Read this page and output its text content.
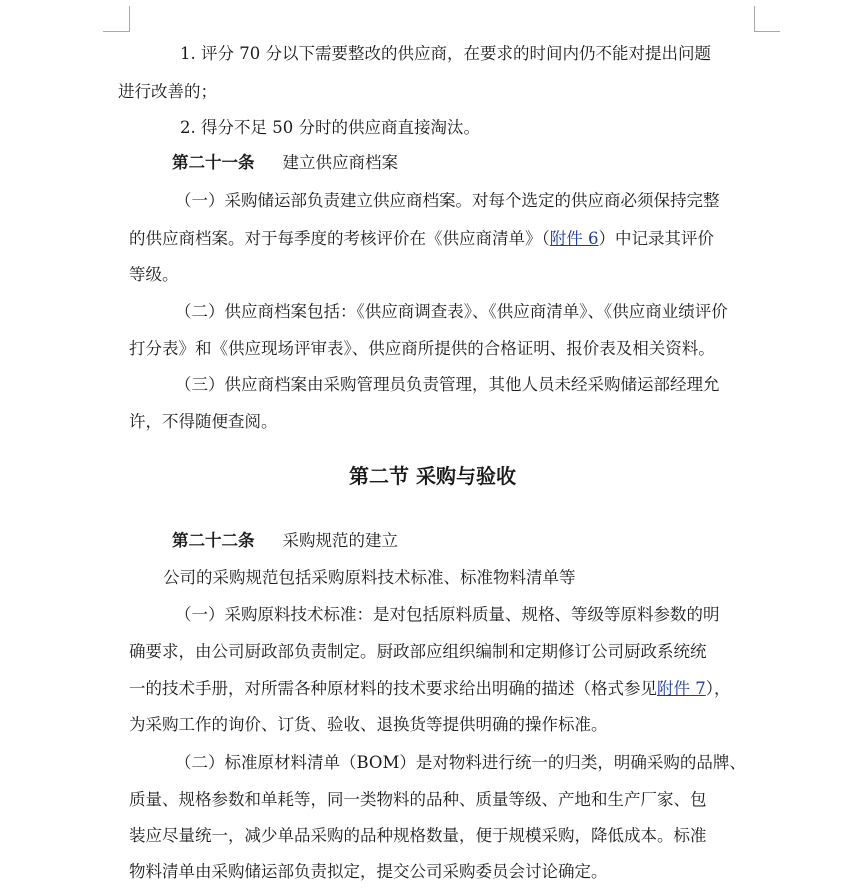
1. 评分 70 分以下需要整改的供应商，在要求的时间内仍不能对提出问题
进行改善的；
2. 得分不足 50 分时的供应商直接淘汰。
第二十一条 建立供应商档案
（一）采购储运部负责建立供应商档案。对每个选定的供应商必须保持完整
的供应商档案。对于每季度的考核评价在《供应商清单》（附件 6）中记录其评价
等级。
（二）供应商档案包括：《供应商调查表》、《供应商清单》、《供应商业绩评价
打分表》和《供应现场评审表》、供应商所提供的合格证明、报价表及相关资料。
（三）供应商档案由采购管理员负责管理，其他人员未经采购储运部经理允
许，不得随便查阅。
第二节 采购与验收
第二十二条 采购规范的建立
公司的采购规范包括采购原料技术标准、标准物料清单等
（一）采购原料技术标准：是对包括原料质量、规格、等级等原料参数的明
确要求，由公司厨政部负责制定。厨政部应组织编制和定期修订公司厨政系统统
一的技术手册，对所需各种原材料的技术要求给出明确的描述（格式参见附件 7），
为采购工作的询价、订货、验收、退换货等提供明确的操作标准。
（二）标准原材料清单（BOM）是对物料进行统一的归类，明确采购的品牌、
质量、规格参数和单耗等，同一类物料的品种、质量等级、产地和生产厂家、包
装应尽量统一，减少单品采购的品种规格数量，便于规模采购，降低成本。标准
物料清单由采购储运部负责拟定，提交公司采购委员会讨论确定。
